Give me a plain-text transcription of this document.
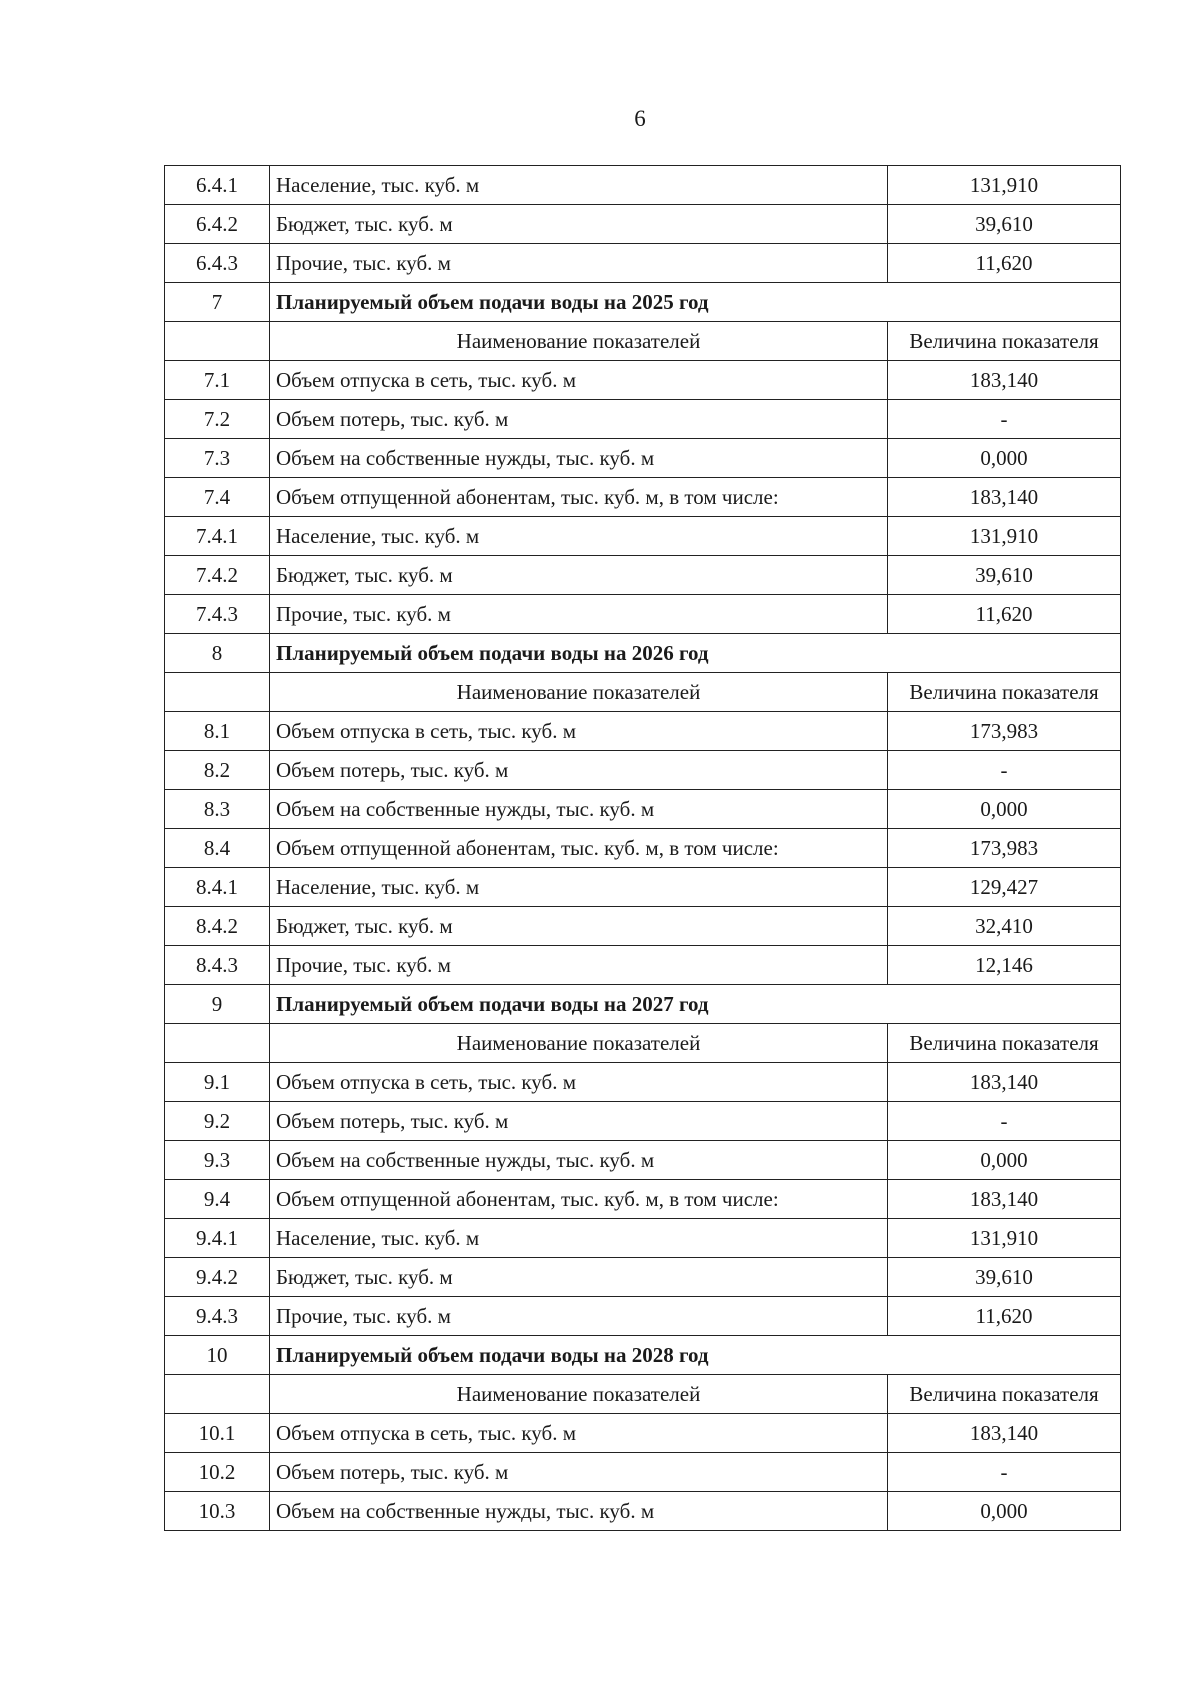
6
6.4.1	Население, тыс. куб. м	131,910
6.4.2	Бюджет, тыс. куб. м	39,610
6.4.3	Прочие, тыс. куб. м	11,620
7	Планируемый объем подачи воды на 2025 год	
	Наименование показателей	Величина показателя
7.1	Объем отпуска в сеть, тыс. куб. м	183,140
7.2	Объем потерь, тыс. куб. м	-
7.3	Объем на собственные нужды, тыс. куб. м	0,000
7.4	Объем отпущенной абонентам, тыс. куб. м, в том числе:	183,140
7.4.1	Население, тыс. куб. м	131,910
7.4.2	Бюджет, тыс. куб. м	39,610
7.4.3	Прочие, тыс. куб. м	11,620
8	Планируемый объем подачи воды на 2026 год	
	Наименование показателей	Величина показателя
8.1	Объем отпуска в сеть, тыс. куб. м	173,983
8.2	Объем потерь, тыс. куб. м	-
8.3	Объем на собственные нужды, тыс. куб. м	0,000
8.4	Объем отпущенной абонентам, тыс. куб. м, в том числе:	173,983
8.4.1	Население, тыс. куб. м	129,427
8.4.2	Бюджет, тыс. куб. м	32,410
8.4.3	Прочие, тыс. куб. м	12,146
9	Планируемый объем подачи воды на 2027 год	
	Наименование показателей	Величина показателя
9.1	Объем отпуска в сеть, тыс. куб. м	183,140
9.2	Объем потерь, тыс. куб. м	-
9.3	Объем на собственные нужды, тыс. куб. м	0,000
9.4	Объем отпущенной абонентам, тыс. куб. м, в том числе:	183,140
9.4.1	Население, тыс. куб. м	131,910
9.4.2	Бюджет, тыс. куб. м	39,610
9.4.3	Прочие, тыс. куб. м	11,620
10	Планируемый объем подачи воды на 2028 год	
	Наименование показателей	Величина показателя
10.1	Объем отпуска в сеть, тыс. куб. м	183,140
10.2	Объем потерь, тыс. куб. м	-
10.3	Объем на собственные нужды, тыс. куб. м	0,000
